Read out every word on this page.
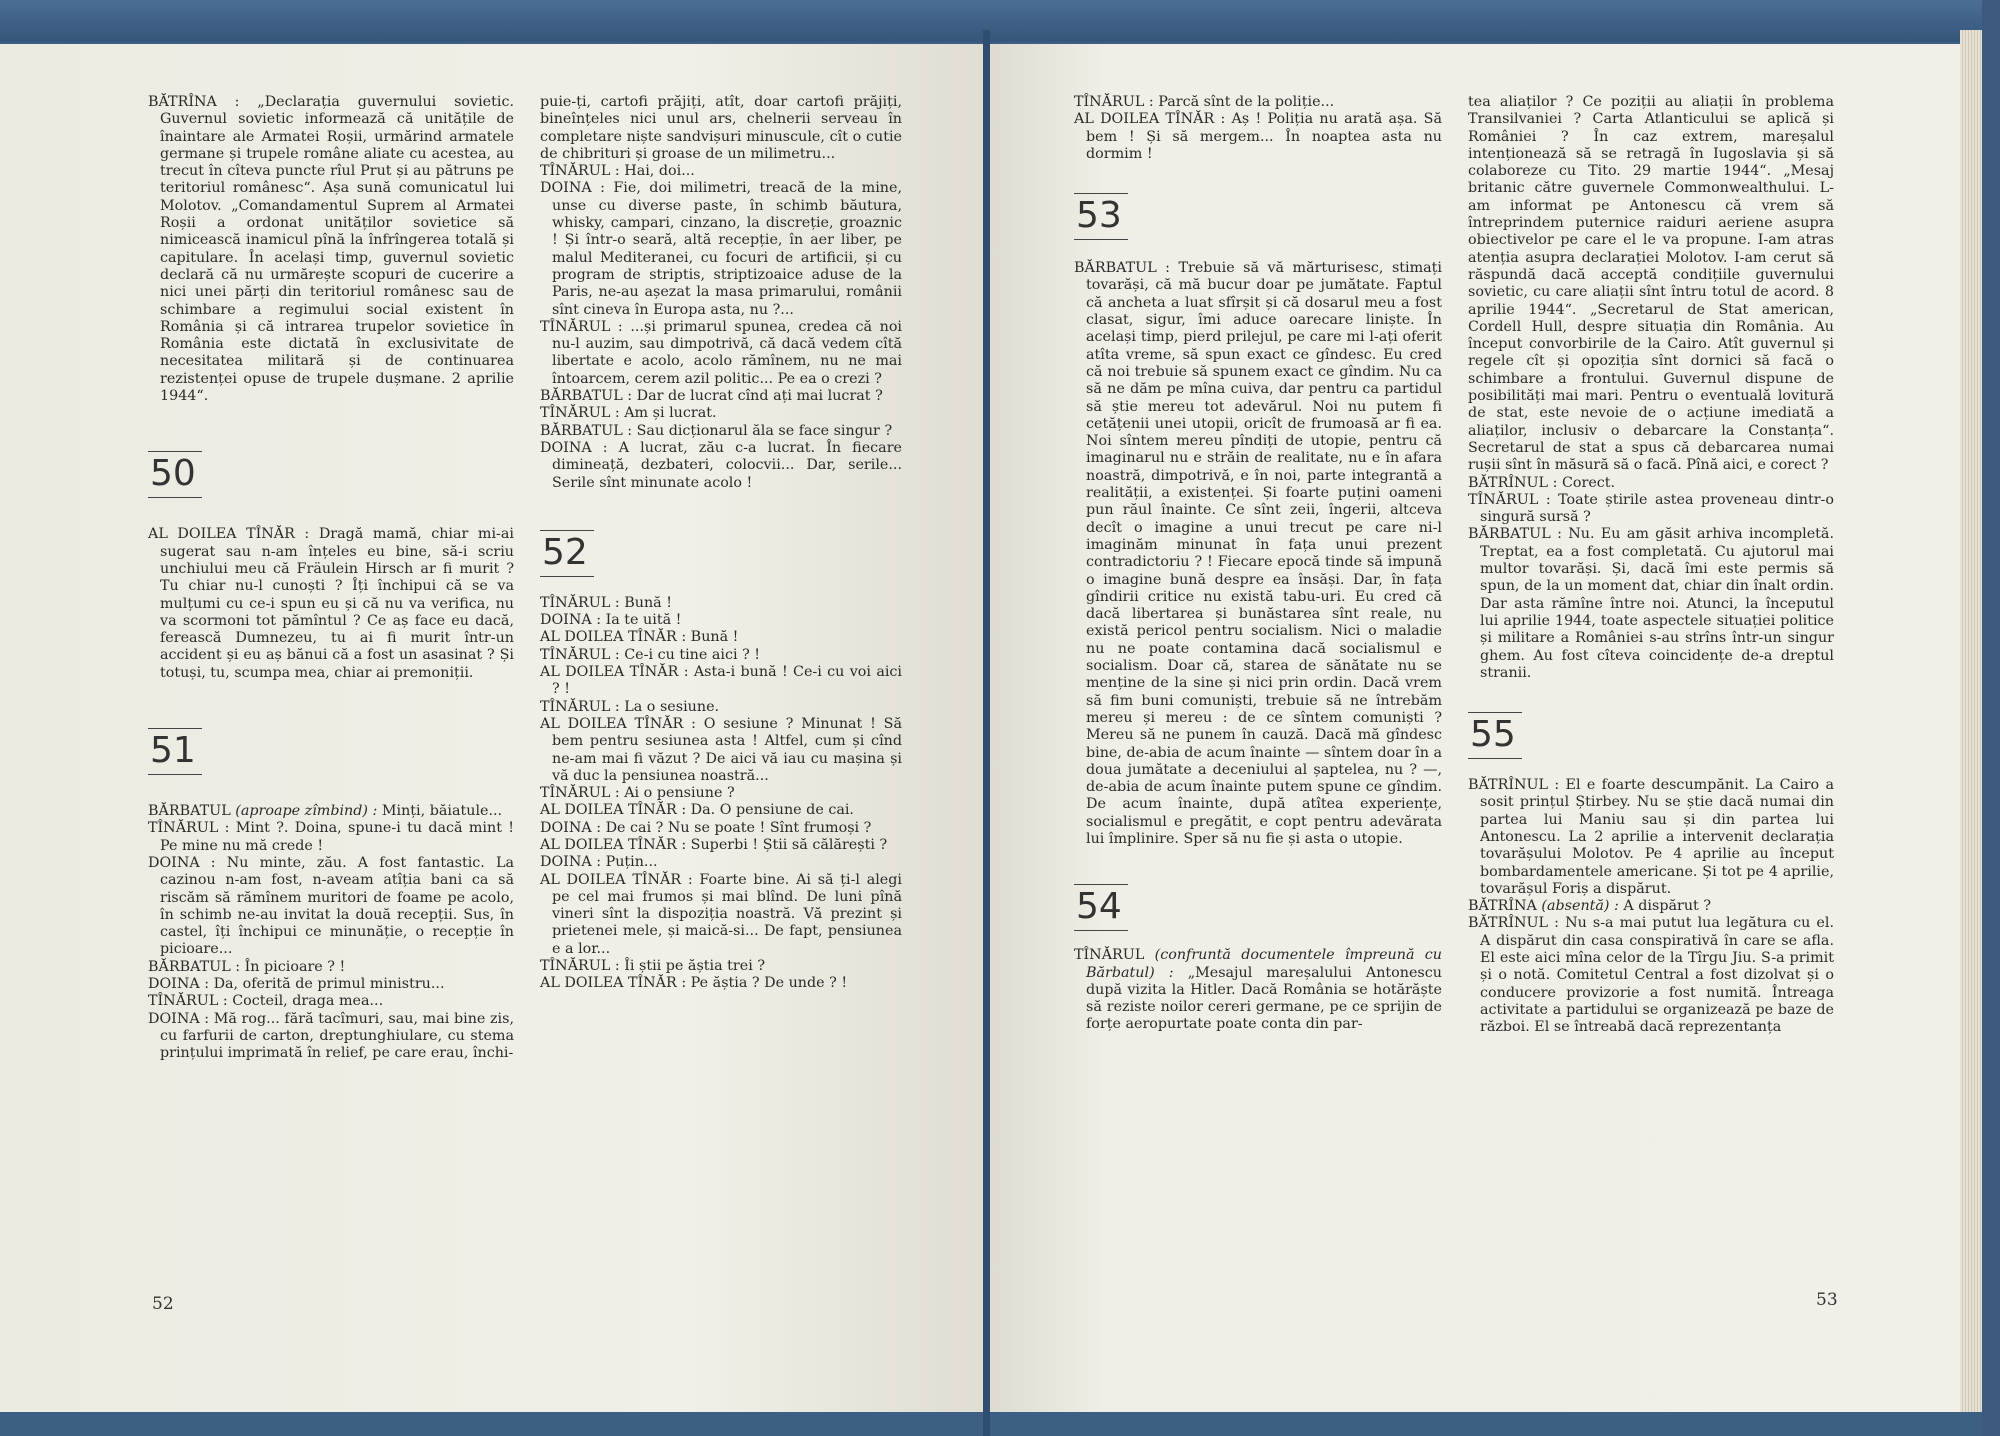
BĂTRÎNA : „Declarația guvernului sovietic. Guvernul sovietic informează că unitățile de înaintare ale Armatei Roșii, urmărind armatele germane și trupele române aliate cu acestea, au trecut în cîteva puncte rîul Prut și au pătruns pe teritoriul românesc“. Așa sună comunicatul lui Molotov. „Comandamentul Suprem al Armatei Roșii a ordonat unităților sovietice să nimicească inamicul pînă la înfrîngerea totală și capitulare. În același timp, guvernul sovietic declară că nu urmărește scopuri de cucerire a nici unei părți din teritoriul românesc sau de schimbare a regimului social existent în România și că intrarea trupelor sovietice în România este dictată în exclusivitate de necesitatea militară și de continuarea rezistenței opuse de trupele dușmane. 2 aprilie 1944“.

50

AL DOILEA TÎNĂR : Dragă mamă, chiar mi-ai sugerat sau n-am înțeles eu bine, să-i scriu unchiului meu că Fräulein Hirsch ar fi murit ? Tu chiar nu-l cunoști ? Îți închipui că se va mulțumi cu ce-i spun eu și că nu va verifica, nu va scormoni tot pămîntul ? Ce aș face eu dacă, ferească Dumnezeu, tu ai fi murit într-un accident și eu aș bănui că a fost un asasinat ? Și totuși, tu, scumpa mea, chiar ai premoniții.

51

BĂRBATUL (aproape zîmbind) : Minți, băiatule...

TÎNĂRUL : Mint ?. Doina, spune-i tu dacă mint ! Pe mine nu mă crede !

DOINA : Nu minte, zău. A fost fantastic. La cazinou n-am fost, n-aveam atîția bani ca să riscăm să rămînem muritori de foame pe acolo, în schimb ne-au invitat la două recepții. Sus, în castel, îți închipui ce minunăție, o recepție în picioare...

BĂRBATUL : În picioare ? !

DOINA : Da, oferită de primul ministru...

TÎNĂRUL : Cocteil, draga mea...

DOINA : Mă rog... fără tacîmuri, sau, mai bine zis, cu farfurii de carton, dreptunghiulare, cu stema prințului imprimată în relief, pe care erau, închi-

puie-ți, cartofi prăjiți, atît, doar cartofi prăjiți, bineînțeles nici unul ars, chelnerii serveau în completare niște sandvișuri minuscule, cît o cutie de chibrituri și groase de un milimetru...

TÎNĂRUL : Hai, doi...

DOINA : Fie, doi milimetri, treacă de la mine, unse cu diverse paste, în schimb băutura, whisky, campari, cinzano, la discreție, groaznic ! Și într-o seară, altă recepție, în aer liber, pe malul Mediteranei, cu focuri de artificii, și cu program de striptis, striptizoaice aduse de la Paris, ne-au așezat la masa primarului, românii sînt cineva în Europa asta, nu ?...

TÎNĂRUL : ...și primarul spunea, credea că noi nu-l auzim, sau dimpotrivă, că dacă vedem cîtă libertate e acolo, acolo rămînem, nu ne mai întoarcem, cerem azil politic... Pe ea o crezi ?

BĂRBATUL : Dar de lucrat cînd ați mai lucrat ?

TÎNĂRUL : Am și lucrat.

BĂRBATUL : Sau dicționarul ăla se face singur ?

DOINA : A lucrat, zău c-a lucrat. În fiecare dimineață, dezbateri, colocvii... Dar, serile... Serile sînt minunate acolo !

52

TÎNĂRUL : Bună !

DOINA : Ia te uită !

AL DOILEA TÎNĂR : Bună !

TÎNĂRUL : Ce-i cu tine aici ? !

AL DOILEA TÎNĂR : Asta-i bună ! Ce-i cu voi aici ? !

TÎNĂRUL : La o sesiune.

AL DOILEA TÎNĂR : O sesiune ? Minunat ! Să bem pentru sesiunea asta ! Altfel, cum și cînd ne-am mai fi văzut ? De aici vă iau cu mașina și vă duc la pensiunea noastră...

TÎNĂRUL : Ai o pensiune ?

AL DOILEA TÎNĂR : Da. O pensiune de cai.

DOINA : De cai ? Nu se poate ! Sînt frumoși ?

AL DOILEA TÎNĂR : Superbi ! Știi să călărești ?

DOINA : Puțin...

AL DOILEA TÎNĂR : Foarte bine. Ai să ți-l alegi pe cel mai frumos și mai blînd. De luni pînă vineri sînt la dispoziția noastră. Vă prezint și prietenei mele, și maică-si... De fapt, pensiunea e a lor...

TÎNĂRUL : Îi știi pe ăștia trei ?

AL DOILEA TÎNĂR : Pe ăștia ? De unde ? !

52

TÎNĂRUL : Parcă sînt de la poliție...

AL DOILEA TÎNĂR : Aș ! Poliția nu arată așa. Să bem ! Și să mergem... În noaptea asta nu dormim !

53

BĂRBATUL : Trebuie să vă mărturisesc, stimați tovarăși, că mă bucur doar pe jumătate. Faptul că ancheta a luat sfîrșit și că dosarul meu a fost clasat, sigur, îmi aduce oarecare liniște. În același timp, pierd prilejul, pe care mi l-ați oferit atîta vreme, să spun exact ce gîndesc. Eu cred că noi trebuie să spunem exact ce gîndim. Nu ca să ne dăm pe mîna cuiva, dar pentru ca partidul să știe mereu tot adevărul. Noi nu putem fi cetățenii unei utopii, oricît de frumoasă ar fi ea. Noi sîntem mereu pîndiți de utopie, pentru că imaginarul nu e străin de realitate, nu e în afara noastră, dimpotrivă, e în noi, parte integrantă a realității, a existenței. Și foarte puțini oameni pun răul înainte. Ce sînt zeii, îngerii, altceva decît o imagine a unui trecut pe care ni-l imaginăm minunat în fața unui prezent contradictoriu ? ! Fiecare epocă tinde să impună o imagine bună despre ea însăși. Dar, în fața gîndirii critice nu există tabu-uri. Eu cred că dacă libertarea și bunăstarea sînt reale, nu există pericol pentru socialism. Nici o maladie nu ne poate contamina dacă socialismul e socialism. Doar că, starea de sănătate nu se menține de la sine și nici prin ordin. Dacă vrem să fim buni comuniști, trebuie să ne întrebăm mereu și mereu : de ce sîntem comuniști ? Mereu să ne punem în cauză. Dacă mă gîndesc bine, de-abia de acum înainte — sîntem doar în a doua jumătate a deceniului al șaptelea, nu ? —, de-abia de acum înainte putem spune ce gîndim. De acum înainte, după atîtea experiențe, socialismul e pregătit, e copt pentru adevărata lui împlinire. Sper să nu fie și asta o utopie.

54

TÎNĂRUL (confruntă documentele împreună cu Bărbatul) : „Mesajul mareșalului Antonescu după vizita la Hitler. Dacă România se hotărăște să reziste noilor cereri germane, pe ce sprijin de forțe aeropurtate poate conta din par-

tea aliaților ? Ce poziții au aliații în problema Transilvaniei ? Carta Atlanticului se aplică și României ? În caz extrem, mareșalul intenționează să se retragă în Iugoslavia și să colaboreze cu Tito. 29 martie 1944“. „Mesaj britanic către guvernele Commonwealthului. L-am informat pe Antonescu că vrem să întreprindem puternice raiduri aeriene asupra obiectivelor pe care el le va propune. I-am atras atenția asupra declarației Molotov. I-am cerut să răspundă dacă acceptă condițiile guvernului sovietic, cu care aliații sînt întru totul de acord. 8 aprilie 1944“. „Secretarul de Stat american, Cordell Hull, despre situația din România. Au început convorbirile de la Cairo. Atît guvernul și regele cît și opoziția sînt dornici să facă o schimbare a frontului. Guvernul dispune de posibilități mai mari. Pentru o eventuală lovitură de stat, este nevoie de o acțiune imediată a aliaților, inclusiv o debarcare la Constanța“. Secretarul de stat a spus că debarcarea numai rușii sînt în măsură să o facă. Pînă aici, e corect ?

BĂTRÎNUL : Corect.

TÎNĂRUL : Toate știrile astea proveneau dintr-o singură sursă ?

BĂRBATUL : Nu. Eu am găsit arhiva incompletă. Treptat, ea a fost completată. Cu ajutorul mai multor tovarăși. Și, dacă îmi este permis să spun, de la un moment dat, chiar din înalt ordin. Dar asta rămîne între noi. Atunci, la începutul lui aprilie 1944, toate aspectele situației politice și militare a României s-au strîns într-un singur ghem. Au fost cîteva coincidențe de-a dreptul stranii.

55

BĂTRÎNUL : El e foarte descumpănit. La Cairo a sosit prințul Știrbey. Nu se știe dacă numai din partea lui Maniu sau și din partea lui Antonescu. La 2 aprilie a intervenit declarația tovarășului Molotov. Pe 4 aprilie au început bombardamentele americane. Și tot pe 4 aprilie, tovarășul Foriș a dispărut.

BĂTRÎNA (absentă) : A dispărut ?

BĂTRÎNUL : Nu s-a mai putut lua legătura cu el. A dispărut din casa conspirativă în care se afla. El este aici mîna celor de la Tîrgu Jiu. S-a primit și o notă. Comitetul Central a fost dizolvat și o conducere provizorie a fost numită. Întreaga activitate a partidului se organizează pe baze de război. El se întreabă dacă reprezentanța

53
